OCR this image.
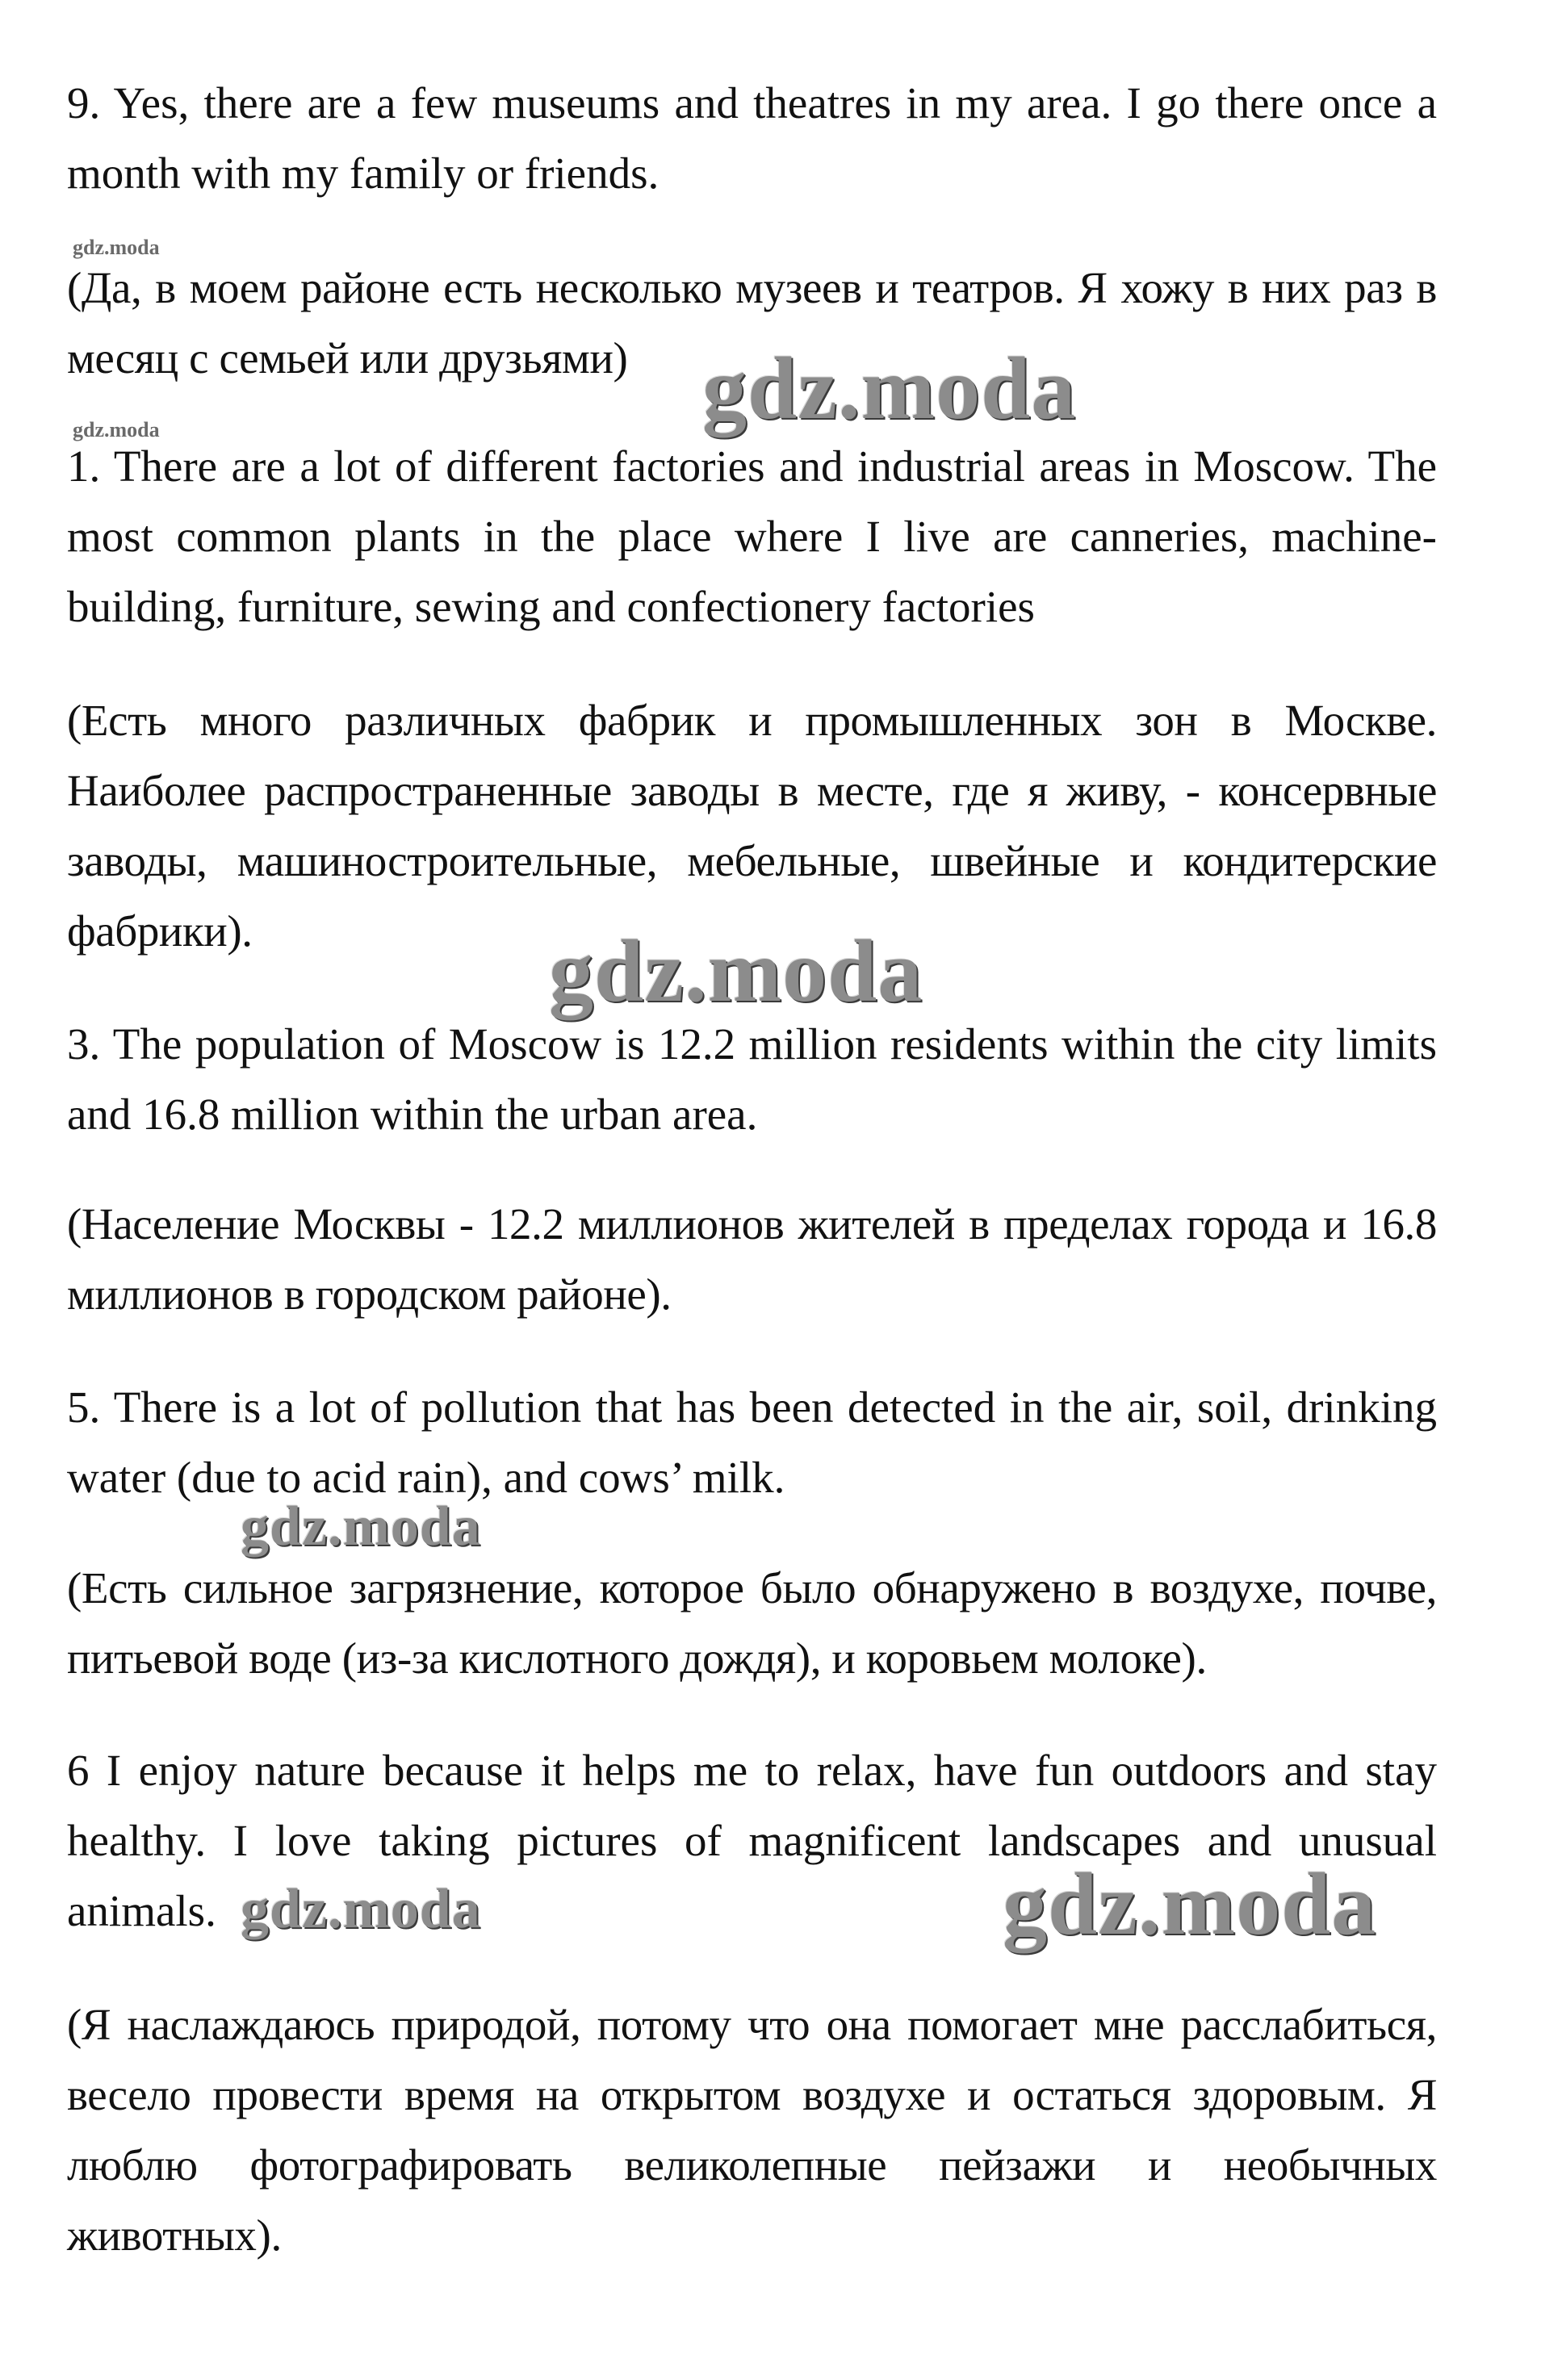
9. Yes, there are a few museums and theatres in my area. I go there once a month with my family or friends.

gdz.moda

(Да, в моем районе есть несколько музеев и театров. Я хожу в них раз в месяц с семьей или друзьями) gdz.moda
gdz.moda

1. There are a lot of different factories and industrial areas in Moscow. The most common plants in the place where I live are canneries, machine-building, furniture, sewing and confectionery factories

(Есть много различных фабрик и промышленных зон в Москве. Наиболее распространенные заводы в месте, где я живу, - консервные заводы, машиностроительные, мебельные, швейные и кондитерские фабрики).	gdz.moda

3. The population of Moscow is 12.2 million residents within the city limits and 16.8 million within the urban area.

(Население Москвы - 12.2 миллионов жителей в пределах города и 16.8 миллионов в городском районе).

5. There is a lot of pollution that has been detected in the air, soil, drinking water (due to acid rain), and cows’ milk.

gdz.moda

(Есть сильное загрязнение, которое было обнаружено в воздухе, почве, питьевой воде (из-за кислотного дождя), и коровьем молоке).

6 I enjoy nature because it helps me to relax, have fun outdoors and stay healthy. I love taking pictures of magnificent landscapes and unusual animals. gdz.moda	gdz.moda

(Я наслаждаюсь природой, потому что она помогает мне расслабиться, весело провести время на открытом воздухе и остаться здоровым. Я люблю фотографировать великолепные пейзажи и необычных животных).
